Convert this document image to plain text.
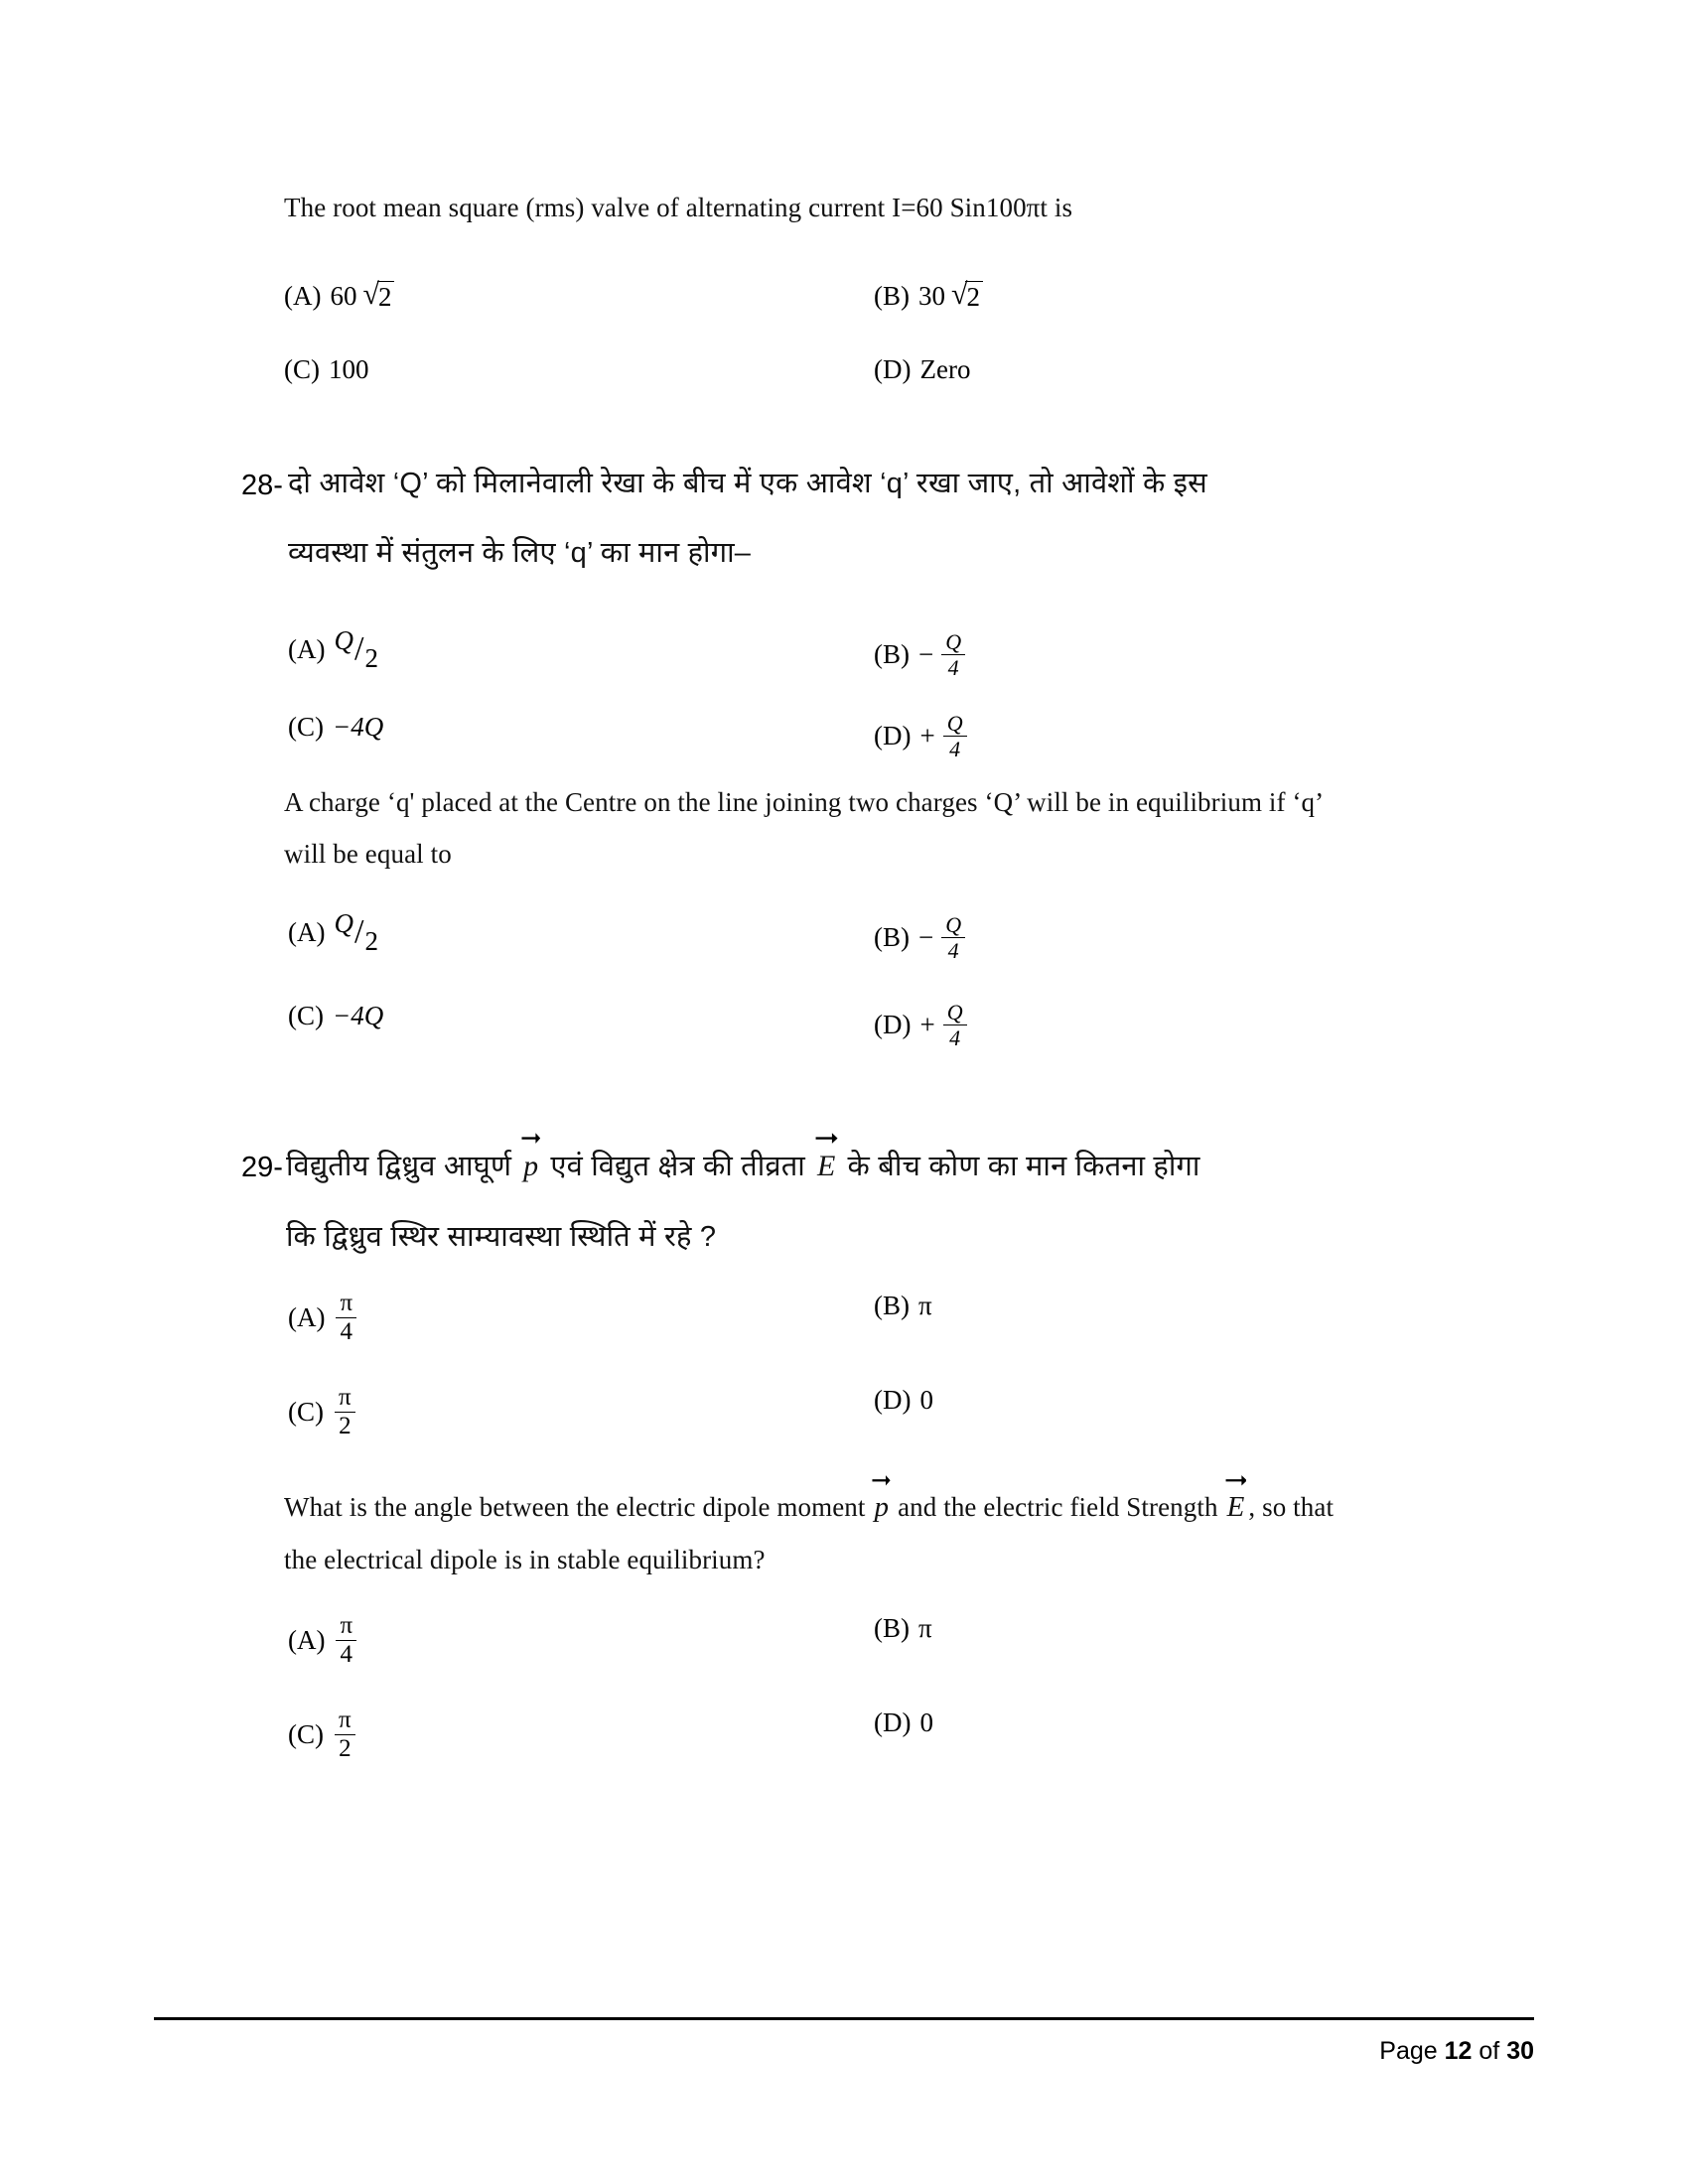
The root mean square (rms) valve of alternating current I=60 Sin100πt is
(A) 60 √ 2	(B) 30 √ 2
(C) 100	(D) Zero
28- दो आवेश ‘Q’ को मिलानेवाली रेखा के बीच में एक आवेश ‘q’ रखा जाए, तो आवेशों के इस
व्यवस्था में संतुलन के लिए ‘q’ का मान होगा–
(A) Q / 2	$(B) - \frac{Q}{4}$
(C) −4Q	$(D) + \frac{Q}{4}$
A charge ‘q' placed at the Centre on the line joining two charges ‘Q’ will be in equilibrium if ‘q’
will be equal to
(A) Q / 2	$(B) - \frac{Q}{4}$
(C) −4Q	$(D) + \frac{Q}{4}$
29- विद्युतीय द्विध्रुव आघूर्ण p एवं विद्युत क्षेत्र की तीव्रता E के बीच कोण का मान कितना होगा
कि द्विध्रुव स्थिर साम्यावस्था स्थिति में रहे ?
$(A) \frac{\pi}{4}$	(B) π
$(C) \frac{\pi}{2}$	(D) 0
What is the angle between the electric dipole moment p and the electric field Strength E , so that
the electrical dipole is in stable equilibrium?
$(A) \frac{\pi}{4}$	(B) π
$(C) \frac{\pi}{2}$	(D) 0
Page 12 of 30
